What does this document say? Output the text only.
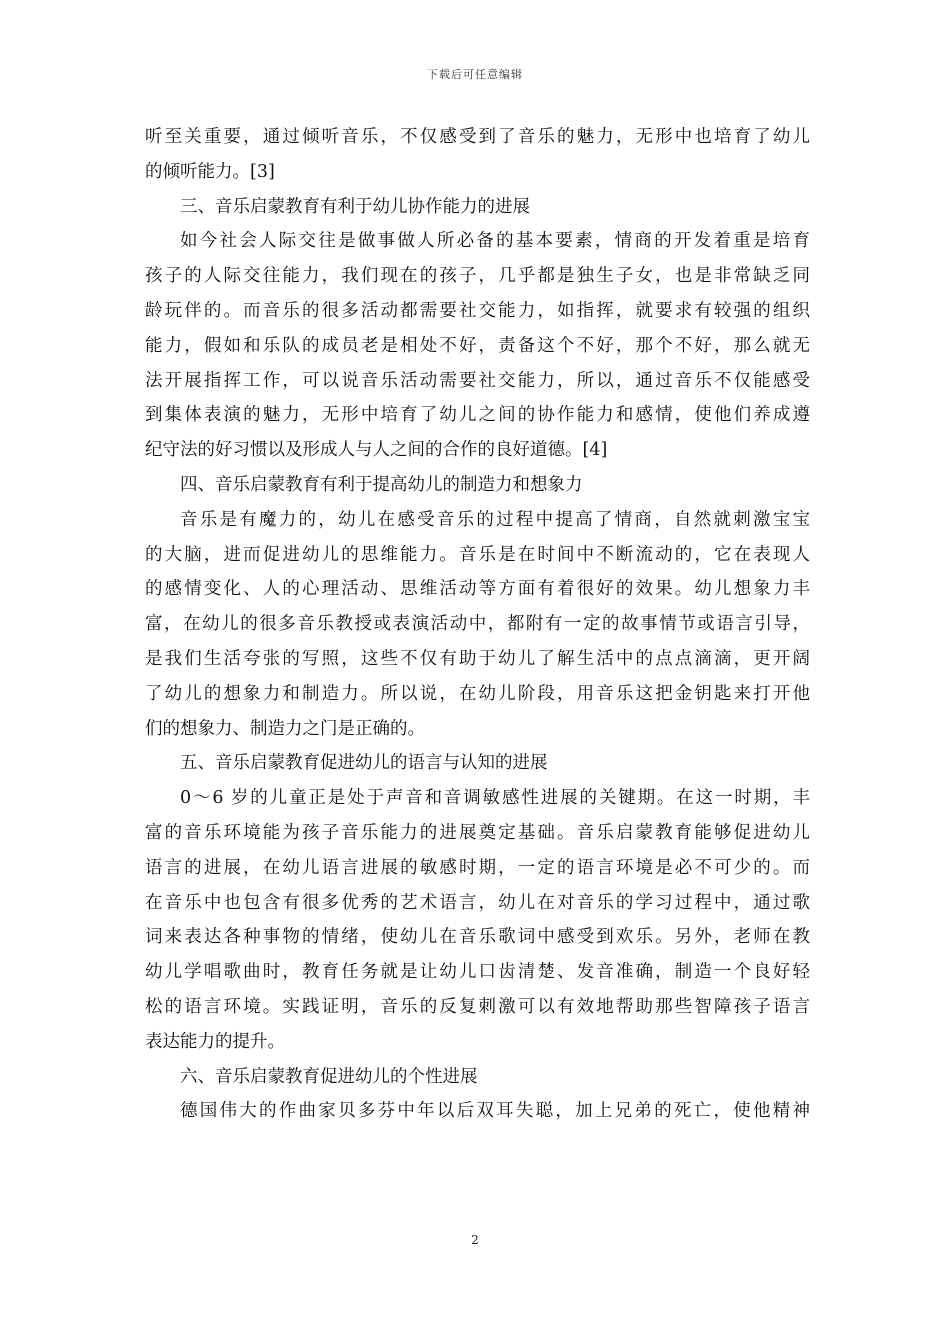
下载后可任意编辑
听至关重要，通过倾听音乐，不仅感受到了音乐的魅力，无形中也培育了幼儿
的倾听能力。[3]
三、音乐启蒙教育有利于幼儿协作能力的进展
如今社会人际交往是做事做人所必备的基本要素，情商的开发着重是培育
孩子的人际交往能力，我们现在的孩子，几乎都是独生子女，也是非常缺乏同
龄玩伴的。而音乐的很多活动都需要社交能力，如指挥，就要求有较强的组织
能力，假如和乐队的成员老是相处不好，责备这个不好，那个不好，那么就无
法开展指挥工作，可以说音乐活动需要社交能力，所以，通过音乐不仅能感受
到集体表演的魅力，无形中培育了幼儿之间的协作能力和感情，使他们养成遵
纪守法的好习惯以及形成人与人之间的合作的良好道德。[4]
四、音乐启蒙教育有利于提高幼儿的制造力和想象力
音乐是有魔力的，幼儿在感受音乐的过程中提高了情商，自然就刺激宝宝
的大脑，进而促进幼儿的思维能力。音乐是在时间中不断流动的，它在表现人
的感情变化、人的心理活动、思维活动等方面有着很好的效果。幼儿想象力丰
富，在幼儿的很多音乐教授或表演活动中，都附有一定的故事情节或语言引导，
是我们生活夸张的写照，这些不仅有助于幼儿了解生活中的点点滴滴，更开阔
了幼儿的想象力和制造力。所以说，在幼儿阶段，用音乐这把金钥匙来打开他
们的想象力、制造力之门是正确的。
五、音乐启蒙教育促进幼儿的语言与认知的进展
0～6 岁的儿童正是处于声音和音调敏感性进展的关键期。在这一时期，丰
富的音乐环境能为孩子音乐能力的进展奠定基础。音乐启蒙教育能够促进幼儿
语言的进展，在幼儿语言进展的敏感时期，一定的语言环境是必不可少的。而
在音乐中也包含有很多优秀的艺术语言，幼儿在对音乐的学习过程中，通过歌
词来表达各种事物的情绪，使幼儿在音乐歌词中感受到欢乐。另外，老师在教
幼儿学唱歌曲时，教育任务就是让幼儿口齿清楚、发音准确，制造一个良好轻
松的语言环境。实践证明，音乐的反复刺激可以有效地帮助那些智障孩子语言
表达能力的提升。
六、音乐启蒙教育促进幼儿的个性进展
德国伟大的作曲家贝多芬中年以后双耳失聪，加上兄弟的死亡，使他精神
2
